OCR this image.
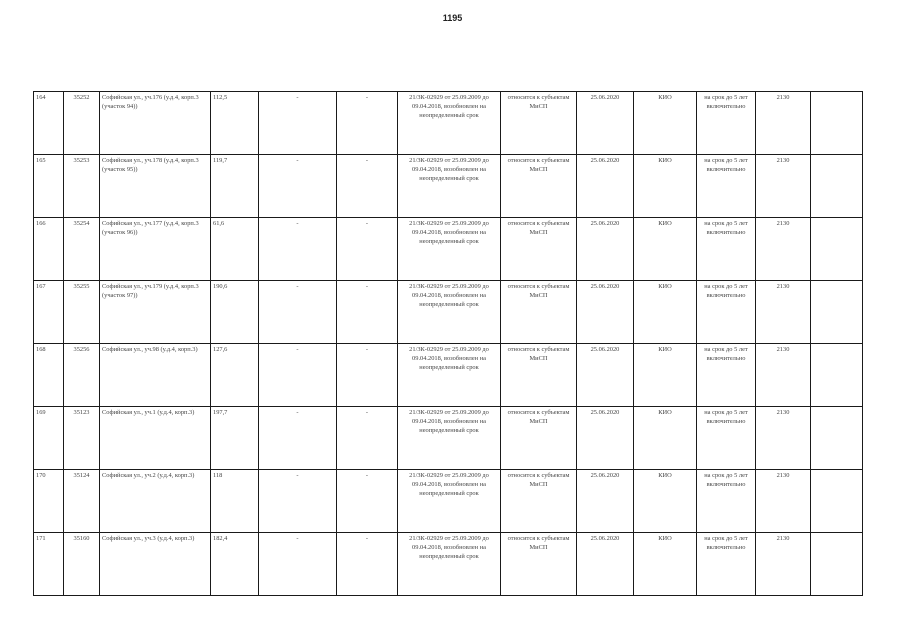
1195
164	35252	Софийская ул., уч.176 (у.д.4, корп.3 (участок 94))	112,5	-	-	21/ЗК-02929 от 25.09.2009 до 09.04.2018, возобновлен на неопределенный срок	относится к субъектам МиСП	25.06.2020	КИО	на срок до 5 лет включительно	2130	
165	35253	Софийская ул., уч.178 (у.д.4, корп.3 (участок 95))	119,7	-	-	21/ЗК-02929 от 25.09.2009 до 09.04.2018, возобновлен на неопределенный срок	относится к субъектам МиСП	25.06.2020	КИО	на срок до 5 лет включительно	2130	
166	35254	Софийская ул., уч.177 (у.д.4, корп.3 (участок 96))	61,6	-	-	21/ЗК-02929 от 25.09.2009 до 09.04.2018, возобновлен на неопределенный срок	относится к субъектам МиСП	25.06.2020	КИО	на срок до 5 лет включительно	2130	
167	35255	Софийская ул., уч.179 (у.д.4, корп.3 (участок 97))	190,6	-	-	21/ЗК-02929 от 25.09.2009 до 09.04.2018, возобновлен на неопределенный срок	относится к субъектам МиСП	25.06.2020	КИО	на срок до 5 лет включительно	2130	
168	35256	Софийская ул., уч.98 (у.д.4, корп.3)	127,6	-	-	21/ЗК-02929 от 25.09.2009 до 09.04.2018, возобновлен на неопределенный срок	относится к субъектам МиСП	25.06.2020	КИО	на срок до 5 лет включительно	2130	
169	35123	Софийская ул., уч.1 (у.д.4, корп.3)	197,7	-	-	21/ЗК-02929 от 25.09.2009 до 09.04.2018, возобновлен на неопределенный срок	относится к субъектам МиСП	25.06.2020	КИО	на срок до 5 лет включительно	2130	
170	35124	Софийская ул., уч.2 (у.д.4, корп.3)	118	-	-	21/ЗК-02929 от 25.09.2009 до 09.04.2018, возобновлен на неопределенный срок	относится к субъектам МиСП	25.06.2020	КИО	на срок до 5 лет включительно	2130	
171	35160	Софийская ул., уч.3 (у.д.4, корп.3)	182,4	-	-	21/ЗК-02929 от 25.09.2009 до 09.04.2018, возобновлен на неопределенный срок	относится к субъектам МиСП	25.06.2020	КИО	на срок до 5 лет включительно	2130	
